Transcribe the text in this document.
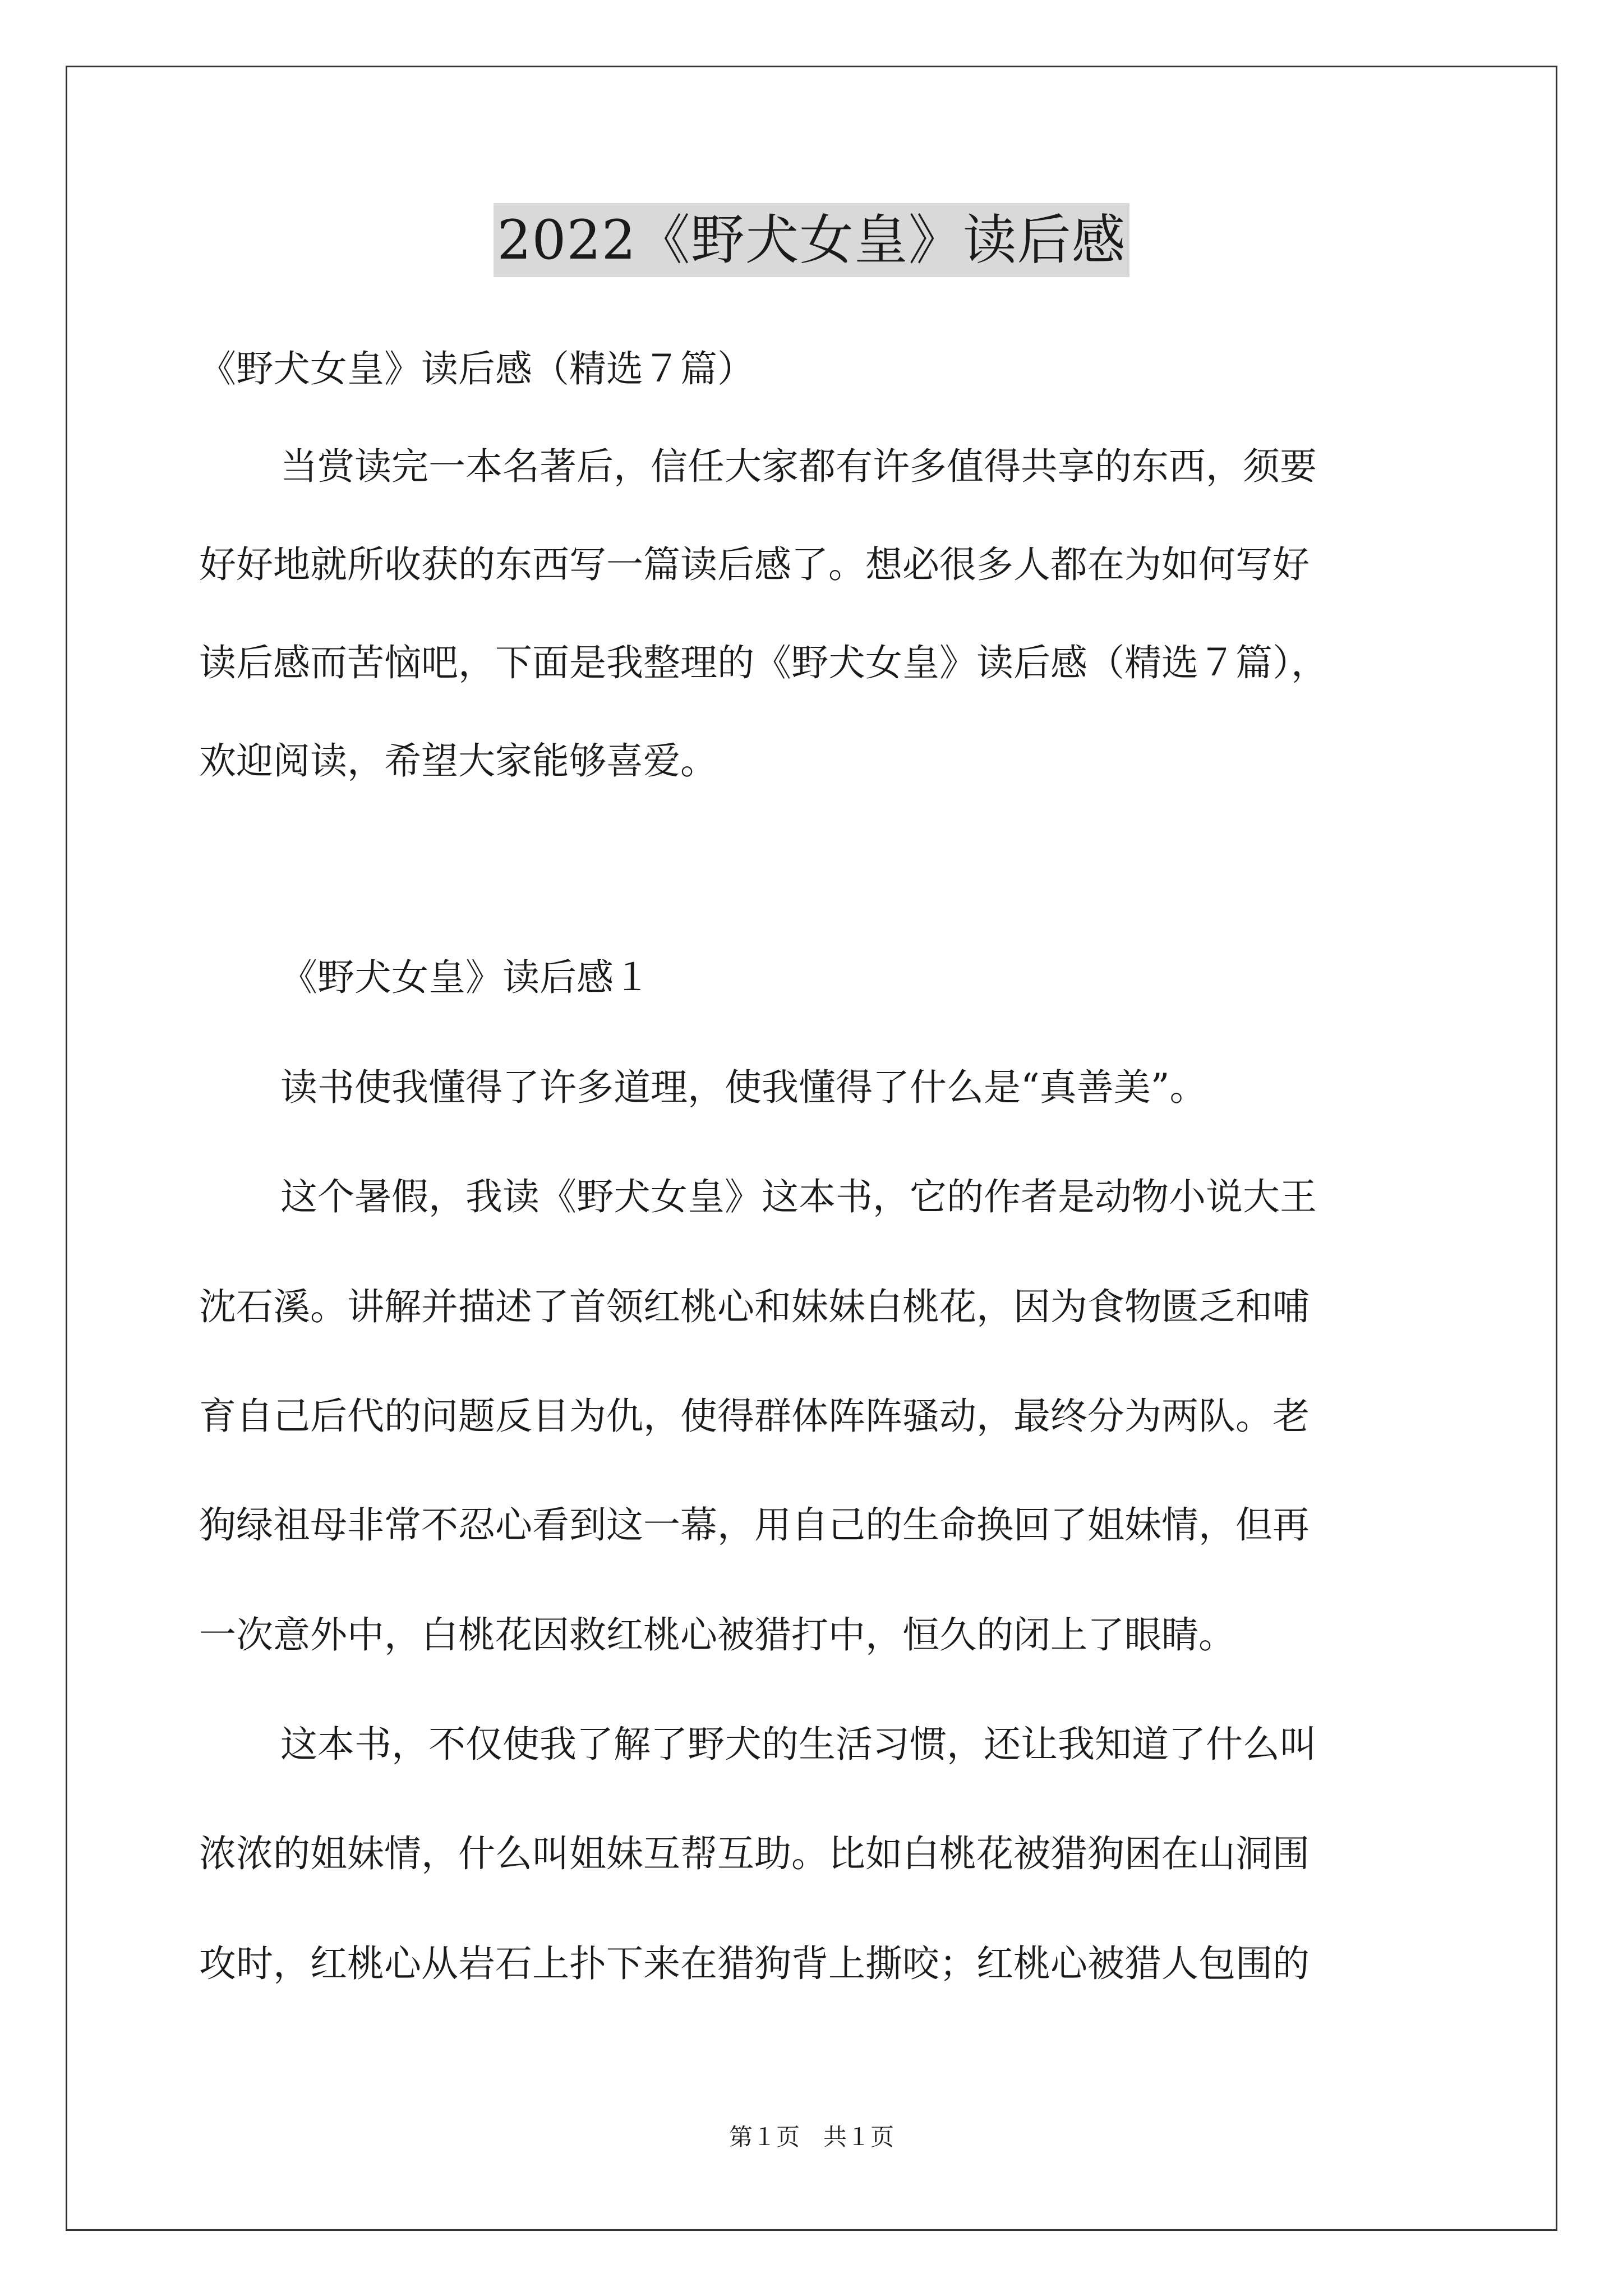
2022《野犬女皇》读后感
《野犬女皇》读后感（精选７篇）
当赏读完一本名著后，信任大家都有许多值得共享的东西，须要
好好地就所收获的东西写一篇读后感了。想必很多人都在为如何写好
读后感而苦恼吧，下面是我整理的《野犬女皇》读后感（精选７篇），
欢迎阅读，希望大家能够喜爱。
《野犬女皇》读后感１
读书使我懂得了许多道理，使我懂得了什么是“真善美”。
这个暑假，我读《野犬女皇》这本书，它的作者是动物小说大王
沈石溪。讲解并描述了首领红桃心和妹妹白桃花，因为食物匮乏和哺
育自己后代的问题反目为仇，使得群体阵阵骚动，最终分为两队。老
狗绿祖母非常不忍心看到这一幕，用自己的生命换回了姐妹情，但再
一次意外中，白桃花因救红桃心被猎打中，恒久的闭上了眼睛。
这本书，不仅使我了解了野犬的生活习惯，还让我知道了什么叫
浓浓的姐妹情，什么叫姐妹互帮互助。比如白桃花被猎狗困在山洞围
攻时，红桃心从岩石上扑下来在猎狗背上撕咬；红桃心被猎人包围的
第１页　共１页
